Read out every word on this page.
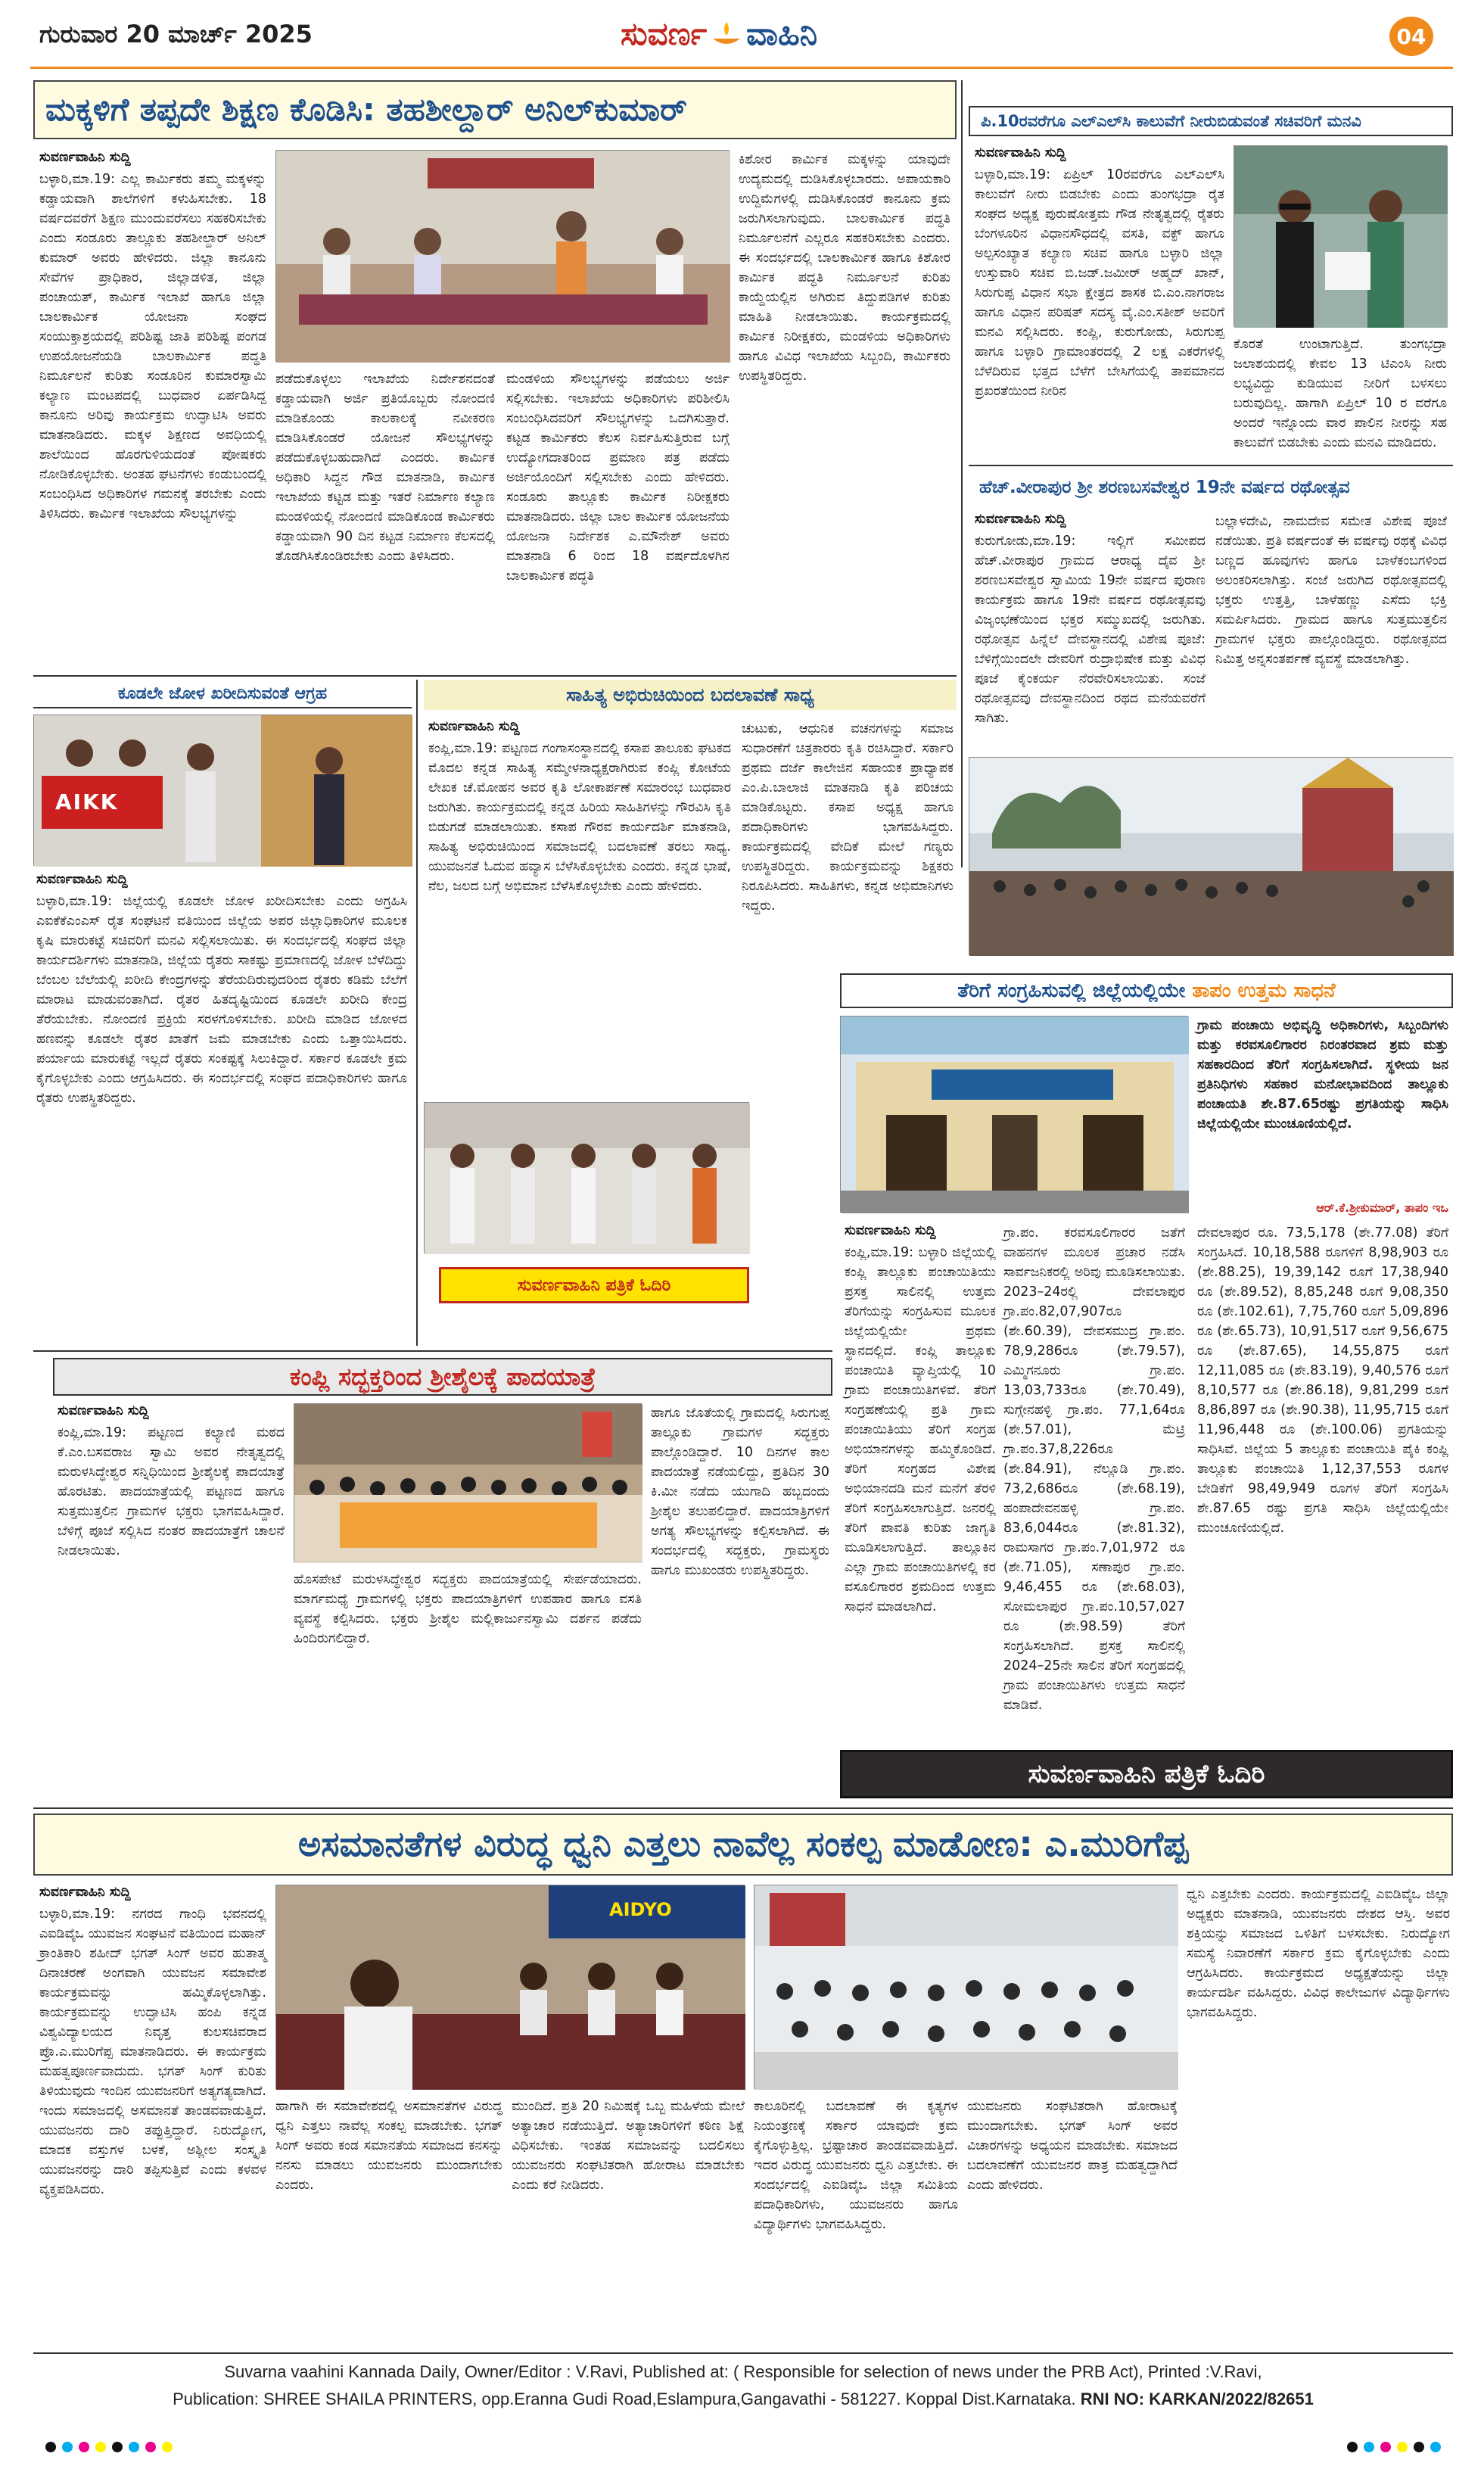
ಗುರುವಾರ 20 ಮಾರ್ಚ್ 2025	ಸುವರ್ಣ ವಾಹಿನಿ	04
ಮಕ್ಕಳಿಗೆ ತಪ್ಪದೇ ಶಿಕ್ಷಣ ಕೊಡಿಸಿ: ತಹಶೀಲ್ದಾರ್ ಅನಿಲ್‌ಕುಮಾರ್
ಸುವರ್ಣವಾಹಿನಿ ಸುದ್ದಿ
ಬಳ್ಳಾರಿ,ಮಾ.19: ಎಲ್ಲ ಕಾರ್ಮಿಕರು ತಮ್ಮ ಮಕ್ಕಳನ್ನು ಕಡ್ಡಾಯವಾಗಿ ಶಾಲೆಗಳಿಗೆ ಕಳುಹಿಸಬೇಕು. 18 ವರ್ಷದವರೆಗೆ ಶಿಕ್ಷಣ ಮುಂದುವರೆಸಲು ಸಹಕರಿಸಬೇಕು ಎಂದು ಸಂಡೂರು ತಾಲ್ಲೂಕು ತಹಶೀಲ್ದಾರ್ ಅನಿಲ್ ಕುಮಾರ್ ಅವರು ಹೇಳಿದರು. ಜಿಲ್ಲಾ ಕಾನೂನು ಸೇವೆಗಳ ಪ್ರಾಧಿಕಾರ, ಜಿಲ್ಲಾಡಳಿತ, ಜಿಲ್ಲಾ ಪಂಚಾಯತ್, ಕಾರ್ಮಿಕ ಇಲಾಖೆ ಹಾಗೂ ಜಿಲ್ಲಾ ಬಾಲಕಾರ್ಮಿಕ ಯೋಜನಾ ಸಂಘದ ಸಂಯುಕ್ತಾಶ್ರಯದಲ್ಲಿ ಪರಿಶಿಷ್ಟ ಜಾತಿ ಪರಿಶಿಷ್ಟ ಪಂಗಡ ಉಪಯೋಜನೆಯಡಿ ಬಾಲಕಾರ್ಮಿಕ ಪದ್ಧತಿ ನಿರ್ಮೂಲನೆ ಕುರಿತು ಸಂಡೂರಿನ ಕುಮಾರಸ್ವಾಮಿ ಕಲ್ಯಾಣ ಮಂಟಪದಲ್ಲಿ ಬುಧವಾರ ಏರ್ಪಡಿಸಿದ್ದ ಕಾನೂನು ಅರಿವು ಕಾರ್ಯಕ್ರಮ ಉದ್ಘಾಟಿಸಿ ಅವರು ಮಾತನಾಡಿದರು. ಮಕ್ಕಳ ಶಿಕ್ಷಣದ ಅವಧಿಯಲ್ಲಿ ಶಾಲೆಯಿಂದ ಹೊರಗುಳಿಯದಂತೆ ಪೋಷಕರು ನೋಡಿಕೊಳ್ಳಬೇಕು. ಅಂತಹ ಘಟನೆಗಳು ಕಂಡುಬಂದಲ್ಲಿ ಸಂಬಂಧಿಸಿದ ಅಧಿಕಾರಿಗಳ ಗಮನಕ್ಕೆ ತರಬೇಕು ಎಂದು ತಿಳಿಸಿದರು. ಕಾರ್ಮಿಕ ಇಲಾಖೆಯ ಸೌಲಭ್ಯಗಳನ್ನು
ಪಡೆದುಕೊಳ್ಳಲು ಇಲಾಖೆಯ ನಿರ್ದೇಶನದಂತೆ ಕಡ್ಡಾಯವಾಗಿ ಅರ್ಜಿ ಪ್ರತಿಯೊಬ್ಬರು ನೋಂದಣಿ ಮಾಡಿಕೊಂಡು ಕಾಲಕಾಲಕ್ಕೆ ನವೀಕರಣ ಮಾಡಿಸಿಕೊಂಡರೆ ಯೋಜನೆ ಸೌಲಭ್ಯಗಳನ್ನು ಪಡೆದುಕೊಳ್ಳಬಹುದಾಗಿದೆ ಎಂದರು. ಕಾರ್ಮಿಕ ಅಧಿಕಾರಿ ಸಿದ್ದನ ಗೌಡ ಮಾತನಾಡಿ, ಕಾರ್ಮಿಕ ಇಲಾಖೆಯ ಕಟ್ಟಡ ಮತ್ತು ಇತರೆ ನಿರ್ಮಾಣ ಕಲ್ಯಾಣ ಮಂಡಳಿಯಲ್ಲಿ ನೋಂದಣಿ ಮಾಡಿಕೊಂಡ ಕಾರ್ಮಿಕರು ಕಡ್ಡಾಯವಾಗಿ 90 ದಿನ ಕಟ್ಟಡ ನಿರ್ಮಾಣ ಕೆಲಸದಲ್ಲಿ ತೊಡಗಿಸಿಕೊಂಡಿರಬೇಕು ಎಂದು ತಿಳಿಸಿದರು.
ಮಂಡಳಿಯ ಸೌಲಭ್ಯಗಳನ್ನು ಪಡೆಯಲು ಅರ್ಜಿ ಸಲ್ಲಿಸಬೇಕು. ಇಲಾಖೆಯ ಅಧಿಕಾರಿಗಳು ಪರಿಶೀಲಿಸಿ ಸಂಬಂಧಿಸಿದವರಿಗೆ ಸೌಲಭ್ಯಗಳನ್ನು ಒದಗಿಸುತ್ತಾರೆ. ಕಟ್ಟಡ ಕಾರ್ಮಿಕರು ಕೆಲಸ ನಿರ್ವಹಿಸುತ್ತಿರುವ ಬಗ್ಗೆ ಉದ್ಯೋಗದಾತರಿಂದ ಪ್ರಮಾಣ ಪತ್ರ ಪಡೆದು ಅರ್ಜಿಯೊಂದಿಗೆ ಸಲ್ಲಿಸಬೇಕು ಎಂದು ಹೇಳಿದರು. ಸಂಡೂರು ತಾಲ್ಲೂಕು ಕಾರ್ಮಿಕ ನಿರೀಕ್ಷಕರು ಮಾತನಾಡಿದರು. ಜಿಲ್ಲಾ ಬಾಲ ಕಾರ್ಮಿಕ ಯೋಜನೆಯ ಯೋಜನಾ ನಿರ್ದೇಶಕ ಎ.ಮೌನೇಶ್ ಅವರು ಮಾತನಾಡಿ 6 ರಿಂದ 18 ವರ್ಷದೊಳಗಿನ ಬಾಲಕಾರ್ಮಿಕ ಪದ್ಧತಿ
ಕಿಶೋರ ಕಾರ್ಮಿಕ ಮಕ್ಕಳನ್ನು ಯಾವುದೇ ಉದ್ಯಮದಲ್ಲಿ ದುಡಿಸಿಕೊಳ್ಳಬಾರದು. ಅಪಾಯಕಾರಿ ಉದ್ದಿಮೆಗಳಲ್ಲಿ ದುಡಿಸಿಕೊಂಡರೆ ಕಾನೂನು ಕ್ರಮ ಜರುಗಿಸಲಾಗುವುದು. ಬಾಲಕಾರ್ಮಿಕ ಪದ್ಧತಿ ನಿರ್ಮೂಲನೆಗೆ ಎಲ್ಲರೂ ಸಹಕರಿಸಬೇಕು ಎಂದರು. ಈ ಸಂದರ್ಭದಲ್ಲಿ ಬಾಲಕಾರ್ಮಿಕ ಹಾಗೂ ಕಿಶೋರ ಕಾರ್ಮಿಕ ಪದ್ಧತಿ ನಿರ್ಮೂಲನೆ ಕುರಿತು ಕಾಯ್ದೆಯಲ್ಲಿನ ಅಗಿರುವ ತಿದ್ದುಪಡಿಗಳ ಕುರಿತು ಮಾಹಿತಿ ನೀಡಲಾಯಿತು. ಕಾರ್ಯಕ್ರಮದಲ್ಲಿ ಕಾರ್ಮಿಕ ನಿರೀಕ್ಷಕರು, ಮಂಡಳಿಯ ಅಧಿಕಾರಿಗಳು ಹಾಗೂ ವಿವಿಧ ಇಲಾಖೆಯ ಸಿಬ್ಬಂದಿ, ಕಾರ್ಮಿಕರು ಉಪಸ್ಥಿತರಿದ್ದರು.
ಪಿ.10ರವರೆಗೂ ಎಲ್‌ಎಲ್‌ಸಿ ಕಾಲುವೆಗೆ ನೀರುಬಿಡುವಂತೆ ಸಚಿವರಿಗೆ ಮನವಿ
ಸುವರ್ಣವಾಹಿನಿ ಸುದ್ದಿ
ಬಳ್ಳಾರಿ,ಮಾ.19: ಏಪ್ರಿಲ್ 10ರವರೆಗೂ ಎಲ್‌ಎಲ್‌ಸಿ ಕಾಲುವೆಗೆ ನೀರು ಬಿಡಬೇಕು ಎಂದು ತುಂಗಭದ್ರಾ ರೈತ ಸಂಘದ ಅಧ್ಯಕ್ಷ ಪುರುಷೋತ್ತಮ ಗೌಡ ನೇತೃತ್ವದಲ್ಲಿ ರೈತರು ಬೆಂಗಳೂರಿನ ವಿಧಾನಸೌಧದಲ್ಲಿ ವಸತಿ, ವಕ್ಫ್ ಹಾಗೂ ಅಲ್ಪಸಂಖ್ಯಾತ ಕಲ್ಯಾಣ ಸಚಿವ ಹಾಗೂ ಬಳ್ಳಾರಿ ಜಿಲ್ಲಾ ಉಸ್ತುವಾರಿ ಸಚಿವ ಬಿ.ಜಡ್.ಜಮೀರ್ ಅಹ್ಮದ್ ಖಾನ್, ಸಿರುಗುಪ್ಪ ವಿಧಾನ ಸಭಾ ಕ್ಷೇತ್ರದ ಶಾಸಕ ಬಿ.ಎಂ.ನಾಗರಾಜ ಹಾಗೂ ವಿಧಾನ ಪರಿಷತ್ ಸದಸ್ಯ ವೈ.ಎಂ.ಸತೀಶ್ ಅವರಿಗೆ ಮನವಿ ಸಲ್ಲಿಸಿದರು. ಕಂಪ್ಲಿ, ಕುರುಗೋಡು, ಸಿರುಗುಪ್ಪ ಹಾಗೂ ಬಳ್ಳಾರಿ ಗ್ರಾಮಾಂತರದಲ್ಲಿ 2 ಲಕ್ಷ ಎಕರೆಗಳಲ್ಲಿ ಬೆಳೆದಿರುವ ಭತ್ತದ ಬೆಳೆಗೆ ಬೇಸಿಗೆಯಲ್ಲಿ ತಾಪಮಾನದ ಪ್ರಖರತೆಯಿಂದ ನೀರಿನ
ಕೊರತೆ ಉಂಟಾಗುತ್ತಿದೆ. ತುಂಗಭದ್ರಾ ಜಲಾಶಯದಲ್ಲಿ ಕೇವಲ 13 ಟಿಎಂಸಿ ನೀರು ಲಭ್ಯವಿದ್ದು ಕುಡಿಯುವ ನೀರಿಗೆ ಬಳಸಲು ಬರುವುದಿಲ್ಲ. ಹಾಗಾಗಿ ಏಪ್ರಿಲ್ 10 ರ ವರೆಗೂ ಅಂದರೆ ಇನ್ನೊಂದು ವಾರ ಪಾಲಿನ ನೀರನ್ನು ಸಹ ಕಾಲುವೆಗೆ ಬಿಡಬೇಕು ಎಂದು ಮನವಿ ಮಾಡಿದರು.
ಹೆಚ್.ವೀರಾಪುರ ಶ್ರೀ ಶರಣಬಸವೇಶ್ವರ 19ನೇ ವರ್ಷದ ರಥೋತ್ಸವ
ಸುವರ್ಣವಾಹಿನಿ ಸುದ್ದಿ
ಕುರುಗೋಡು,ಮಾ.19: ಇಲ್ಲಿಗೆ ಸಮೀಪದ ಹೆಚ್.ವೀರಾಪುರ ಗ್ರಾಮದ ಆರಾಧ್ಯ ದೈವ ಶ್ರೀ ಶರಣಬಸವೇಶ್ವರ ಸ್ವಾಮಿಯ 19ನೇ ವರ್ಷದ ಪುರಾಣ ಕಾರ್ಯಕ್ರಮ ಹಾಗೂ 19ನೇ ವರ್ಷದ ರಥೋತ್ಸವವು ವಿಜೃಂಭಣೆಯಿಂದ ಭಕ್ತರ ಸಮ್ಮುಖದಲ್ಲಿ ಜರುಗಿತು. ರಥೋತ್ಸವ ಹಿನ್ನೆಲೆ ದೇವಸ್ಥಾನದಲ್ಲಿ ವಿಶೇಷ ಪೂಜೆ: ಬೆಳಿಗ್ಗೆಯಿಂದಲೇ ದೇವರಿಗೆ ರುದ್ರಾಭಿಷೇಕ ಮತ್ತು ವಿವಿಧ ಪೂಜೆ ಕೈಂಕರ್ಯ ನೆರವೇರಿಸಲಾಯಿತು. ಸಂಜೆ ರಥೋತ್ಸವವು ದೇವಸ್ಥಾನದಿಂದ ರಥದ ಮನೆಯವರೆಗೆ ಸಾಗಿತು.
ಬಲ್ಲಾಳದೇವಿ, ನಾಮದೇವ ಸಮೇತ ವಿಶೇಷ ಪೂಜೆ ನಡೆಯಿತು. ಪ್ರತಿ ವರ್ಷದಂತೆ ಈ ವರ್ಷವು ರಥಕ್ಕೆ ವಿವಿಧ ಬಣ್ಣದ ಹೂವುಗಳು ಹಾಗೂ ಬಾಳೆಕಂಬಗಳಿಂದ ಅಲಂಕರಿಸಲಾಗಿತ್ತು. ಸಂಜೆ ಜರುಗಿದ ರಥೋತ್ಸವದಲ್ಲಿ ಭಕ್ತರು ಉತ್ತತ್ತಿ, ಬಾಳೆಹಣ್ಣು ಎಸೆದು ಭಕ್ತಿ ಸಮರ್ಪಿಸಿದರು. ಗ್ರಾಮದ ಹಾಗೂ ಸುತ್ತಮುತ್ತಲಿನ ಗ್ರಾಮಗಳ ಭಕ್ತರು ಪಾಲ್ಗೊಂಡಿದ್ದರು. ರಥೋತ್ಸವದ ನಿಮಿತ್ತ ಅನ್ನಸಂತರ್ಪಣೆ ವ್ಯವಸ್ಥೆ ಮಾಡಲಾಗಿತ್ತು.
ಕೂಡಲೇ ಜೋಳ ಖರೀದಿಸುವಂತೆ ಆಗ್ರಹ
AIKK
ಸುವರ್ಣವಾಹಿನಿ ಸುದ್ದಿ
ಬಳ್ಳಾರಿ,ಮಾ.19: ಜಿಲ್ಲೆಯಲ್ಲಿ ಕೂಡಲೇ ಜೋಳ ಖರೀದಿಸಬೇಕು ಎಂದು ಅಗ್ರಹಿಸಿ ಎಐಕೆಕೆಎಂಎಸ್ ರೈತ ಸಂಘಟನೆ ವತಿಯಿಂದ ಜಿಲ್ಲೆಯ ಅಪರ ಜಿಲ್ಲಾಧಿಕಾರಿಗಳ ಮೂಲಕ ಕೃಷಿ ಮಾರುಕಟ್ಟೆ ಸಚಿವರಿಗೆ ಮನವಿ ಸಲ್ಲಿಸಲಾಯಿತು. ಈ ಸಂದರ್ಭದಲ್ಲಿ ಸಂಘದ ಜಿಲ್ಲಾ ಕಾರ್ಯದರ್ಶಿಗಳು ಮಾತನಾಡಿ, ಜಿಲ್ಲೆಯ ರೈತರು ಸಾಕಷ್ಟು ಪ್ರಮಾಣದಲ್ಲಿ ಜೋಳ ಬೆಳೆದಿದ್ದು ಬೆಂಬಲ ಬೆಲೆಯಲ್ಲಿ ಖರೀದಿ ಕೇಂದ್ರಗಳನ್ನು ತೆರೆಯದಿರುವುದರಿಂದ ರೈತರು ಕಡಿಮೆ ಬೆಲೆಗೆ ಮಾರಾಟ ಮಾಡುವಂತಾಗಿದೆ. ರೈತರ ಹಿತದೃಷ್ಟಿಯಿಂದ ಕೂಡಲೇ ಖರೀದಿ ಕೇಂದ್ರ ತೆರೆಯಬೇಕು. ನೋಂದಣಿ ಪ್ರಕ್ರಿಯೆ ಸರಳಗೊಳಿಸಬೇಕು. ಖರೀದಿ ಮಾಡಿದ ಜೋಳದ ಹಣವನ್ನು ಕೂಡಲೇ ರೈತರ ಖಾತೆಗೆ ಜಮೆ ಮಾಡಬೇಕು ಎಂದು ಒತ್ತಾಯಿಸಿದರು. ಪರ್ಯಾಯ ಮಾರುಕಟ್ಟೆ ಇಲ್ಲದೆ ರೈತರು ಸಂಕಷ್ಟಕ್ಕೆ ಸಿಲುಕಿದ್ದಾರೆ. ಸರ್ಕಾರ ಕೂಡಲೇ ಕ್ರಮ ಕೈಗೊಳ್ಳಬೇಕು ಎಂದು ಆಗ್ರಹಿಸಿದರು. ಈ ಸಂದರ್ಭದಲ್ಲಿ ಸಂಘದ ಪದಾಧಿಕಾರಿಗಳು ಹಾಗೂ ರೈತರು ಉಪಸ್ಥಿತರಿದ್ದರು.
ಸಾಹಿತ್ಯ ಅಭಿರುಚಿಯಿಂದ ಬದಲಾವಣೆ ಸಾಧ್ಯ
ಸುವರ್ಣವಾಹಿನಿ ಸುದ್ದಿ
ಕಂಪ್ಲಿ,ಮಾ.19: ಪಟ್ಟಣದ ಗಂಗಾಸಂಸ್ಥಾನದಲ್ಲಿ ಕಸಾಪ ತಾಲೂಕು ಘಟಕದ ಮೊದಲ ಕನ್ನಡ ಸಾಹಿತ್ಯ ಸಮ್ಮೇಳನಾಧ್ಯಕ್ಷರಾಗಿರುವ ಕಂಪ್ಲಿ ಕೋಟೆಯ ಲೇಖಕ ಚೆ.ಮೋಹನ ಅವರ ಕೃತಿ ಲೋಕಾರ್ಪಣೆ ಸಮಾರಂಭ ಬುಧವಾರ ಜರುಗಿತು. ಕಾರ್ಯಕ್ರಮದಲ್ಲಿ ಕನ್ನಡ ಹಿರಿಯ ಸಾಹಿತಿಗಳನ್ನು ಗೌರವಿಸಿ ಕೃತಿ ಬಿಡುಗಡೆ ಮಾಡಲಾಯಿತು. ಕಸಾಪ ಗೌರವ ಕಾರ್ಯದರ್ಶಿ ಮಾತನಾಡಿ, ಸಾಹಿತ್ಯ ಅಭಿರುಚಿಯಿಂದ ಸಮಾಜದಲ್ಲಿ ಬದಲಾವಣೆ ತರಲು ಸಾಧ್ಯ. ಯುವಜನತೆ ಓದುವ ಹವ್ಯಾಸ ಬೆಳೆಸಿಕೊಳ್ಳಬೇಕು ಎಂದರು. ಕನ್ನಡ ಭಾಷೆ, ನೆಲ, ಜಲದ ಬಗ್ಗೆ ಅಭಿಮಾನ ಬೆಳೆಸಿಕೊಳ್ಳಬೇಕು ಎಂದು ಹೇಳಿದರು.
ಚುಟುಕು, ಆಧುನಿಕ ವಚನಗಳನ್ನು ಸಮಾಜ ಸುಧಾರಣೆಗೆ ಚಿತ್ರಕಾರರು ಕೃತಿ ರಚಿಸಿದ್ದಾರೆ. ಸರ್ಕಾರಿ ಪ್ರಥಮ ದರ್ಜೆ ಕಾಲೇಜಿನ ಸಹಾಯಕ ಪ್ರಾಧ್ಯಾಪಕ ಎಂ.ಪಿ.ಬಾಲಾಜಿ ಮಾತನಾಡಿ ಕೃತಿ ಪರಿಚಯ ಮಾಡಿಕೊಟ್ಟರು. ಕಸಾಪ ಅಧ್ಯಕ್ಷ ಹಾಗೂ ಪದಾಧಿಕಾರಿಗಳು ಭಾಗವಹಿಸಿದ್ದರು. ಕಾರ್ಯಕ್ರಮದಲ್ಲಿ ವೇದಿಕೆ ಮೇಲೆ ಗಣ್ಯರು ಉಪಸ್ಥಿತರಿದ್ದರು. ಕಾರ್ಯಕ್ರಮವನ್ನು ಶಿಕ್ಷಕರು ನಿರೂಪಿಸಿದರು. ಸಾಹಿತಿಗಳು, ಕನ್ನಡ ಅಭಿಮಾನಿಗಳು ಇದ್ದರು.
ಸುವರ್ಣವಾಹಿನಿ ಪತ್ರಿಕೆ ಓದಿರಿ
ತೆರಿಗೆ ಸಂಗ್ರಹಿಸುವಲ್ಲಿ ಜಿಲ್ಲೆಯಲ್ಲಿಯೇ
ತಾಪಂ ಉತ್ತಮ ಸಾಧನೆ
ಗ್ರಾಮ ಪಂಚಾಯಿ ಅಭಿವೃದ್ಧಿ ಅಧಿಕಾರಿಗಳು, ಸಿಬ್ಬಂದಿಗಳು ಮತ್ತು ಕರವಸೂಲಿಗಾರರ ನಿರಂತರವಾದ ಶ್ರಮ ಮತ್ತು ಸಹಕಾರದಿಂದ ತೆರಿಗೆ ಸಂಗ್ರಹಿಸಲಾಗಿದೆ. ಸ್ಥಳೀಯ ಜನ ಪ್ರತಿನಿಧಿಗಳು ಸಹಕಾರ ಮನೋಭಾವದಿಂದ ತಾಲ್ಲೂಕು ಪಂಚಾಯತಿ ಶೇ.87.65ರಷ್ಟು ಪ್ರಗತಿಯನ್ನು ಸಾಧಿಸಿ ಜಿಲ್ಲೆಯಲ್ಲಿಯೇ ಮುಂಚೂಣಿಯಲ್ಲಿದೆ.
ಆರ್.ಕೆ.ಶ್ರೀಕುಮಾರ್, ತಾಪಂ ಇಒ
ಸುವರ್ಣವಾಹಿನಿ ಸುದ್ದಿ
ಕಂಪ್ಲಿ,ಮಾ.19: ಬಳ್ಳಾರಿ ಜಿಲ್ಲೆಯಲ್ಲಿ ಕಂಪ್ಲಿ ತಾಲ್ಲೂಕು ಪಂಚಾಯಿತಿಯು ಪ್ರಸಕ್ತ ಸಾಲಿನಲ್ಲಿ ಉತ್ತಮ ತೆರಿಗೆಯನ್ನು ಸಂಗ್ರಹಿಸುವ ಮೂಲಕ ಜಿಲ್ಲೆಯಲ್ಲಿಯೇ ಪ್ರಥಮ ಸ್ಥಾನದಲ್ಲಿದೆ. ಕಂಪ್ಲಿ ತಾಲ್ಲೂಕು ಪಂಚಾಯಿತಿ ವ್ಯಾಪ್ತಿಯಲ್ಲಿ 10 ಗ್ರಾಮ ಪಂಚಾಯಿತಿಗಳಿವೆ. ತೆರಿಗೆ ಸಂಗ್ರಹಣೆಯಲ್ಲಿ ಪ್ರತಿ ಗ್ರಾಮ ಪಂಚಾಯಿತಿಯು ತೆರಿಗೆ ಸಂಗ್ರಹ ಅಭಿಯಾನಗಳನ್ನು ಹಮ್ಮಿಕೊಂಡಿದೆ. ತೆರಿಗೆ ಸಂಗ್ರಹದ ವಿಶೇಷ ಅಭಿಯಾನದಡಿ ಮನೆ ಮನೆಗೆ ತೆರಳಿ ತೆರಿಗೆ ಸಂಗ್ರಹಿಸಲಾಗುತ್ತಿದೆ. ಜನರಲ್ಲಿ ತೆರಿಗೆ ಪಾವತಿ ಕುರಿತು ಜಾಗೃತಿ ಮೂಡಿಸಲಾಗುತ್ತಿದೆ. ತಾಲ್ಲೂಕಿನ ಎಲ್ಲಾ ಗ್ರಾಮ ಪಂಚಾಯಿತಿಗಳಲ್ಲಿ ಕರ ವಸೂಲಿಗಾರರ ಶ್ರಮದಿಂದ ಉತ್ತಮ ಸಾಧನೆ ಮಾಡಲಾಗಿದೆ.
ಗ್ರಾ.ಪಂ. ಕರವಸೂಲಿಗಾರರ ಜತೆಗೆ ವಾಹನಗಳ ಮೂಲಕ ಪ್ರಚಾರ ನಡೆಸಿ ಸಾರ್ವಜನಿಕರಲ್ಲಿ ಅರಿವು ಮೂಡಿಸಲಾಯಿತು. 2023–24ರಲ್ಲಿ ದೇವಲಾಪುರ ಗ್ರಾ.ಪಂ.82,07,907ರೂ (ಶೇ.60.39), ದೇವಸಮುದ್ರ ಗ್ರಾ.ಪಂ. 78,9,286ರೂ (ಶೇ.79.57), ಎಮ್ಮಿಗನೂರು ಗ್ರಾ.ಪಂ. 13,03,733ರೂ (ಶೇ.70.49), ಸುಗ್ಗೇನಹಳ್ಳಿ ಗ್ರಾ.ಪಂ. 77,1,64ರೂ (ಶೇ.57.01), ಮೆಟ್ರಿ ಗ್ರಾ.ಪಂ.37,8,226ರೂ (ಶೇ.84.91), ನೆಲ್ಲೂಡಿ ಗ್ರಾ.ಪಂ. 73,2,686ರೂ (ಶೇ.68.19), ಹಂಪಾದೇವನಹಳ್ಳಿ ಗ್ರಾ.ಪಂ. 83,6,044ರೂ (ಶೇ.81.32), ರಾಮಸಾಗರ ಗ್ರಾ.ಪಂ.7,01,972 ರೂ (ಶೇ.71.05), ಸಣಾಪುರ ಗ್ರಾ.ಪಂ. 9,46,455 ರೂ (ಶೇ.68.03), ಸೋಮಲಾಪುರ ಗ್ರಾ.ಪಂ.10,57,027 ರೂ (ಶೇ.98.59) ತೆರಿಗೆ ಸಂಗ್ರಹಿಸಲಾಗಿದೆ. ಪ್ರಸಕ್ತ ಸಾಲಿನಲ್ಲಿ 2024–25ನೇ ಸಾಲಿನ ತೆರಿಗೆ ಸಂಗ್ರಹದಲ್ಲಿ ಗ್ರಾಮ ಪಂಚಾಯಿತಿಗಳು ಉತ್ತಮ ಸಾಧನೆ ಮಾಡಿವೆ.
ದೇವಲಾಪುರ ರೂ. 73,5,178 (ಶೇ.77.08) ತೆರಿಗೆ ಸಂಗ್ರಹಿಸಿದೆ. 10,18,588 ರೂಗಳಿಗೆ 8,98,903 ರೂ (ಶೇ.88.25), 19,39,142 ರೂಗೆ 17,38,940 ರೂ (ಶೇ.89.52), 8,85,248 ರೂಗೆ 9,08,350 ರೂ (ಶೇ.102.61), 7,75,760 ರೂಗೆ 5,09,896 ರೂ (ಶೇ.65.73), 10,91,517 ರೂಗೆ 9,56,675 ರೂ (ಶೇ.87.65), 14,55,875 ರೂಗೆ 12,11,085 ರೂ (ಶೇ.83.19), 9,40,576 ರೂಗೆ 8,10,577 ರೂ (ಶೇ.86.18), 9,81,299 ರೂಗೆ 8,86,897 ರೂ (ಶೇ.90.38), 11,95,715 ರೂಗೆ 11,96,448 ರೂ (ಶೇ.100.06) ಪ್ರಗತಿಯನ್ನು ಸಾಧಿಸಿವೆ. ಜಿಲ್ಲೆಯ 5 ತಾಲ್ಲೂಕು ಪಂಚಾಯಿತಿ ಪೈಕಿ ಕಂಪ್ಲಿ ತಾಲ್ಲೂಕು ಪಂಚಾಯಿತಿ 1,12,37,553 ರೂಗಳ ಬೇಡಿಕೆಗೆ 98,49,949 ರೂಗಳ ತೆರಿಗೆ ಸಂಗ್ರಹಿಸಿ ಶೇ.87.65 ರಷ್ಟು ಪ್ರಗತಿ ಸಾಧಿಸಿ ಜಿಲ್ಲೆಯಲ್ಲಿಯೇ ಮುಂಚೂಣಿಯಲ್ಲಿದೆ.
ಕಂಪ್ಲಿ ಸದ್ಭಕ್ತರಿಂದ ಶ್ರೀಶೈಲಕ್ಕೆ ಪಾದಯಾತ್ರೆ
ಸುವರ್ಣವಾಹಿನಿ ಸುದ್ದಿ
ಕಂಪ್ಲಿ,ಮಾ.19: ಪಟ್ಟಣದ ಕಲ್ಯಾಣಿ ಮಠದ ಕೆ.ಎಂ.ಬಸವರಾಜ ಸ್ವಾಮಿ ಅವರ ನೇತೃತ್ವದಲ್ಲಿ ಮರುಳಸಿದ್ಧೇಶ್ವರ ಸನ್ನಿಧಿಯಿಂದ ಶ್ರೀಶೈಲಕ್ಕೆ ಪಾದಯಾತ್ರೆ ಹೊರಟಿತು. ಪಾದಯಾತ್ರೆಯಲ್ಲಿ ಪಟ್ಟಣದ ಹಾಗೂ ಸುತ್ತಮುತ್ತಲಿನ ಗ್ರಾಮಗಳ ಭಕ್ತರು ಭಾಗವಹಿಸಿದ್ದಾರೆ. ಬೆಳಿಗ್ಗೆ ಪೂಜೆ ಸಲ್ಲಿಸಿದ ನಂತರ ಪಾದಯಾತ್ರೆಗೆ ಚಾಲನೆ ನೀಡಲಾಯಿತು.
ಹೊಸಪೇಟೆ ಮರುಳಸಿದ್ಧೇಶ್ವರ ಸದ್ಭಕ್ತರು ಪಾದಯಾತ್ರೆಯಲ್ಲಿ ಸೇರ್ಪಡೆಯಾದರು. ಮಾರ್ಗಮಧ್ಯೆ ಗ್ರಾಮಗಳಲ್ಲಿ ಭಕ್ತರು ಪಾದಯಾತ್ರಿಗಳಿಗೆ ಉಪಹಾರ ಹಾಗೂ ವಸತಿ ವ್ಯವಸ್ಥೆ ಕಲ್ಪಿಸಿದರು. ಭಕ್ತರು ಶ್ರೀಶೈಲ ಮಲ್ಲಿಕಾರ್ಜುನಸ್ವಾಮಿ ದರ್ಶನ ಪಡೆದು ಹಿಂದಿರುಗಲಿದ್ದಾರೆ.
ಹಾಗೂ ಜೊತೆಯಲ್ಲಿ ಗ್ರಾಮದಲ್ಲಿ ಸಿರುಗುಪ್ಪ ತಾಲ್ಲೂಕು ಗ್ರಾಮಗಳ ಸದ್ಭಕ್ತರು ಪಾಲ್ಗೊಂಡಿದ್ದಾರೆ. 10 ದಿನಗಳ ಕಾಲ ಪಾದಯಾತ್ರೆ ನಡೆಯಲಿದ್ದು, ಪ್ರತಿದಿನ 30 ಕಿ.ಮೀ ನಡೆದು ಯುಗಾದಿ ಹಬ್ಬದಂದು ಶ್ರೀಶೈಲ ತಲುಪಲಿದ್ದಾರೆ. ಪಾದಯಾತ್ರಿಗಳಿಗೆ ಅಗತ್ಯ ಸೌಲಭ್ಯಗಳನ್ನು ಕಲ್ಪಿಸಲಾಗಿದೆ. ಈ ಸಂದರ್ಭದಲ್ಲಿ ಸದ್ಭಕ್ತರು, ಗ್ರಾಮಸ್ಥರು ಹಾಗೂ ಮುಖಂಡರು ಉಪಸ್ಥಿತರಿದ್ದರು.
ಸುವರ್ಣವಾಹಿನಿ ಪತ್ರಿಕೆ ಓದಿರಿ
ಅಸಮಾನತೆಗಳ ವಿರುದ್ಧ ಧ್ವನಿ ಎತ್ತಲು ನಾವೆಲ್ಲ ಸಂಕಲ್ಪ ಮಾಡೋಣ: ಎ.ಮುರಿಗೆಪ್ಪ
ಸುವರ್ಣವಾಹಿನಿ ಸುದ್ದಿ
ಬಳ್ಳಾರಿ,ಮಾ.19: ನಗರದ ಗಾಂಧಿ ಭವನದಲ್ಲಿ ಎಐಡಿವೈಒ ಯುವಜನ ಸಂಘಟನೆ ವತಿಯಿಂದ ಮಹಾನ್ ಕ್ರಾಂತಿಕಾರಿ ಶಹೀದ್ ಭಗತ್ ಸಿಂಗ್ ಅವರ ಹುತಾತ್ಮ ದಿನಾಚರಣೆ ಅಂಗವಾಗಿ ಯುವಜನ ಸಮಾವೇಶ ಕಾರ್ಯಕ್ರಮವನ್ನು ಹಮ್ಮಿಕೊಳ್ಳಲಾಗಿತ್ತು. ಕಾರ್ಯಕ್ರಮವನ್ನು ಉದ್ಘಾಟಿಸಿ ಹಂಪಿ ಕನ್ನಡ ವಿಶ್ವವಿದ್ಯಾಲಯದ ನಿವೃತ್ತ ಕುಲಸಚಿವರಾದ ಪ್ರೊ.ಎ.ಮುರಿಗೆಪ್ಪ ಮಾತನಾಡಿದರು. ಈ ಕಾರ್ಯಕ್ರಮ ಮಹತ್ವಪೂರ್ಣವಾದುದು. ಭಗತ್ ಸಿಂಗ್ ಕುರಿತು ತಿಳಿಯುವುದು ಇಂದಿನ ಯುವಜನರಿಗೆ ಅತ್ಯಗತ್ಯವಾಗಿದೆ. ಇಂದು ಸಮಾಜದಲ್ಲಿ ಅಸಮಾನತೆ ತಾಂಡವವಾಡುತ್ತಿದೆ. ಯುವಜನರು ದಾರಿ ತಪ್ಪುತ್ತಿದ್ದಾರೆ. ನಿರುದ್ಯೋಗ, ಮಾದಕ ವಸ್ತುಗಳ ಬಳಕೆ, ಅಶ್ಲೀಲ ಸಂಸ್ಕೃತಿ ಯುವಜನರನ್ನು ದಾರಿ ತಪ್ಪಿಸುತ್ತಿವೆ ಎಂದು ಕಳವಳ ವ್ಯಕ್ತಪಡಿಸಿದರು.
AIDYO
ಹಾಗಾಗಿ ಈ ಸಮಾವೇಶದಲ್ಲಿ ಅಸಮಾನತೆಗಳ ವಿರುದ್ಧ ಧ್ವನಿ ಎತ್ತಲು ನಾವೆಲ್ಲ ಸಂಕಲ್ಪ ಮಾಡಬೇಕು. ಭಗತ್ ಸಿಂಗ್ ಅವರು ಕಂಡ ಸಮಾನತೆಯ ಸಮಾಜದ ಕನಸನ್ನು ನನಸು ಮಾಡಲು ಯುವಜನರು ಮುಂದಾಗಬೇಕು ಎಂದರು.
ಮುಂದಿದೆ. ಪ್ರತಿ 20 ನಿಮಿಷಕ್ಕೆ ಒಬ್ಬ ಮಹಿಳೆಯ ಮೇಲೆ ಅತ್ಯಾಚಾರ ನಡೆಯುತ್ತಿದೆ. ಅತ್ಯಾಚಾರಿಗಳಿಗೆ ಕಠಿಣ ಶಿಕ್ಷೆ ವಿಧಿಸಬೇಕು. ಇಂತಹ ಸಮಾಜವನ್ನು ಬದಲಿಸಲು ಯುವಜನರು ಸಂಘಟಿತರಾಗಿ ಹೋರಾಟ ಮಾಡಬೇಕು ಎಂದು ಕರೆ ನೀಡಿದರು.
ಕಾಲೂರಿನಲ್ಲಿ ಬದಲಾವಣೆ ಈ ಕೃತ್ಯಗಳ ನಿಯಂತ್ರಣಕ್ಕೆ ಸರ್ಕಾರ ಯಾವುದೇ ಕ್ರಮ ಕೈಗೊಳ್ಳುತ್ತಿಲ್ಲ. ಭ್ರಷ್ಟಾಚಾರ ತಾಂಡವವಾಡುತ್ತಿದೆ. ಇದರ ವಿರುದ್ಧ ಯುವಜನರು ಧ್ವನಿ ಎತ್ತಬೇಕು. ಈ ಸಂದರ್ಭದಲ್ಲಿ ಎಐಡಿವೈಒ ಜಿಲ್ಲಾ ಸಮಿತಿಯ ಪದಾಧಿಕಾರಿಗಳು, ಯುವಜನರು ಹಾಗೂ ವಿದ್ಯಾರ್ಥಿಗಳು ಭಾಗವಹಿಸಿದ್ದರು.
ಯುವಜನರು ಸಂಘಟಿತರಾಗಿ ಹೋರಾಟಕ್ಕೆ ಮುಂದಾಗಬೇಕು. ಭಗತ್ ಸಿಂಗ್ ಅವರ ವಿಚಾರಗಳನ್ನು ಅಧ್ಯಯನ ಮಾಡಬೇಕು. ಸಮಾಜದ ಬದಲಾವಣೆಗೆ ಯುವಜನರ ಪಾತ್ರ ಮಹತ್ವದ್ದಾಗಿದೆ ಎಂದು ಹೇಳಿದರು.
ಧ್ವನಿ ಎತ್ತಬೇಕು ಎಂದರು. ಕಾರ್ಯಕ್ರಮದಲ್ಲಿ ಎಐಡಿವೈಒ ಜಿಲ್ಲಾ ಅಧ್ಯಕ್ಷರು ಮಾತನಾಡಿ, ಯುವಜನರು ದೇಶದ ಆಸ್ತಿ. ಅವರ ಶಕ್ತಿಯನ್ನು ಸಮಾಜದ ಒಳಿತಿಗೆ ಬಳಸಬೇಕು. ನಿರುದ್ಯೋಗ ಸಮಸ್ಯೆ ನಿವಾರಣೆಗೆ ಸರ್ಕಾರ ಕ್ರಮ ಕೈಗೊಳ್ಳಬೇಕು ಎಂದು ಆಗ್ರಹಿಸಿದರು. ಕಾರ್ಯಕ್ರಮದ ಅಧ್ಯಕ್ಷತೆಯನ್ನು ಜಿಲ್ಲಾ ಕಾರ್ಯದರ್ಶಿ ವಹಿಸಿದ್ದರು. ವಿವಿಧ ಕಾಲೇಜುಗಳ ವಿದ್ಯಾರ್ಥಿಗಳು ಭಾಗವಹಿಸಿದ್ದರು.
Suvarna vaahini Kannada Daily, Owner/Editor : V.Ravi, Published at: ( Responsible for selection of news under the PRB Act), Printed :V.Ravi,
Publication: SHREE SHAILA PRINTERS, opp.Eranna Gudi Road,Eslampura,Gangavathi - 581227. Koppal Dist.Karnataka. RNI NO: KARKAN/2022/82651
